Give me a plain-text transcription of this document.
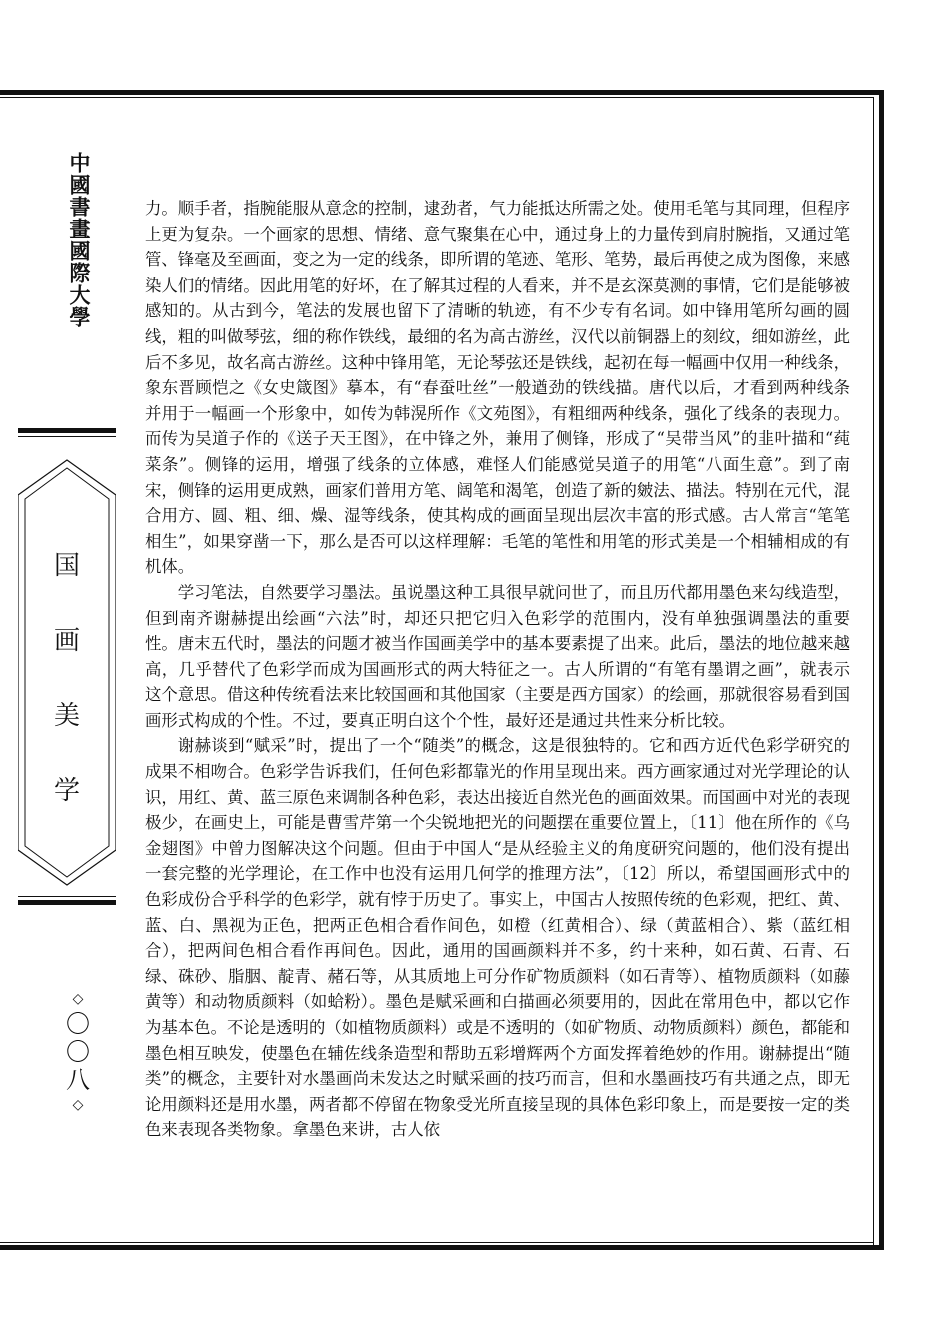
中國書畫國際大學
国
画
美
学
◇
〇
〇
八
◇

力。顺手者，指腕能服从意念的控制，逮劲者，气力能抵达所需之处。使用毛笔与其同理，但程序上更为复杂。一个画家的思想、情绪、意气聚集在心中，通过身上的力量传到肩肘腕指，又通过笔管、锋毫及至画面，变之为一定的线条，即所谓的笔迹、笔形、笔势，最后再使之成为图像，来感染人们的情绪。因此用笔的好坏，在了解其过程的人看来，并不是玄深莫测的事情，它们是能够被感知的。从古到今，笔法的发展也留下了清晰的轨迹，有不少专有名词。如中锋用笔所勾画的圆线，粗的叫做琴弦，细的称作铁线，最细的名为高古游丝，汉代以前铜器上的刻纹，细如游丝，此后不多见，故名高古游丝。这种中锋用笔，无论琴弦还是铁线，起初在每一幅画中仅用一种线条，象东晋顾恺之《女史箴图》摹本，有“春蚕吐丝”一般遒劲的铁线描。唐代以后，才看到两种线条并用于一幅画一个形象中，如传为韩滉所作《文苑图》，有粗细两种线条，强化了线条的表现力。而传为吴道子作的《送子天王图》，在中锋之外，兼用了侧锋，形成了“吴带当风”的韭叶描和“莼菜条”。侧锋的运用，增强了线条的立体感，难怪人们能感觉吴道子的用笔“八面生意”。到了南宋，侧锋的运用更成熟，画家们普用方笔、阔笔和渴笔，创造了新的皴法、描法。特别在元代，混合用方、圆、粗、细、燥、湿等线条，使其构成的画面呈现出层次丰富的形式感。古人常言“笔笔相生”，如果穿凿一下，那么是否可以这样理解：毛笔的笔性和用笔的形式美是一个相辅相成的有机体。

学习笔法，自然要学习墨法。虽说墨这种工具很早就问世了，而且历代都用墨色来勾线造型，但到南齐谢赫提出绘画“六法”时，却还只把它归入色彩学的范围内，没有单独强调墨法的重要性。唐末五代时，墨法的问题才被当作国画美学中的基本要素提了出来。此后，墨法的地位越来越高，几乎替代了色彩学而成为国画形式的两大特征之一。古人所谓的“有笔有墨谓之画”，就表示这个意思。借这种传统看法来比较国画和其他国家（主要是西方国家）的绘画，那就很容易看到国画形式构成的个性。不过，要真正明白这个个性，最好还是通过共性来分析比较。

谢赫谈到“赋采”时，提出了一个“随类”的概念，这是很独特的。它和西方近代色彩学研究的成果不相吻合。色彩学告诉我们，任何色彩都靠光的作用呈现出来。西方画家通过对光学理论的认识，用红、黄、蓝三原色来调制各种色彩，表达出接近自然光色的画面效果。而国画中对光的表现极少，在画史上，可能是曹雪芹第一个尖锐地把光的问题摆在重要位置上，〔11〕他在所作的《乌金翅图》中曾力图解决这个问题。但由于中国人“是从经验主义的角度研究问题的，他们没有提出一套完整的光学理论，在工作中也没有运用几何学的推理方法”，〔12〕所以，希望国画形式中的色彩成份合乎科学的色彩学，就有悖于历史了。事实上，中国古人按照传统的色彩观，把红、黄、蓝、白、黑视为正色，把两正色相合看作间色，如橙（红黄相合）、绿（黄蓝相合）、紫（蓝红相合），把两间色相合看作再间色。因此，通用的国画颜料并不多，约十来种，如石黄、石青、石绿、硃砂、脂胭、靛青、赭石等，从其质地上可分作矿物质颜料（如石青等）、植物质颜料（如藤黄等）和动物质颜料（如蛤粉）。墨色是赋采画和白描画必须要用的，因此在常用色中，都以它作为基本色。不论是透明的（如植物质颜料）或是不透明的（如矿物质、动物质颜料）颜色，都能和墨色相互映发，使墨色在辅佐线条造型和帮助五彩增辉两个方面发挥着绝妙的作用。谢赫提出“随类”的概念，主要针对水墨画尚未发达之时赋采画的技巧而言，但和水墨画技巧有共通之点，即无论用颜料还是用水墨，两者都不停留在物象受光所直接呈现的具体色彩印象上，而是要按一定的类色来表现各类物象。拿墨色来讲，古人依
